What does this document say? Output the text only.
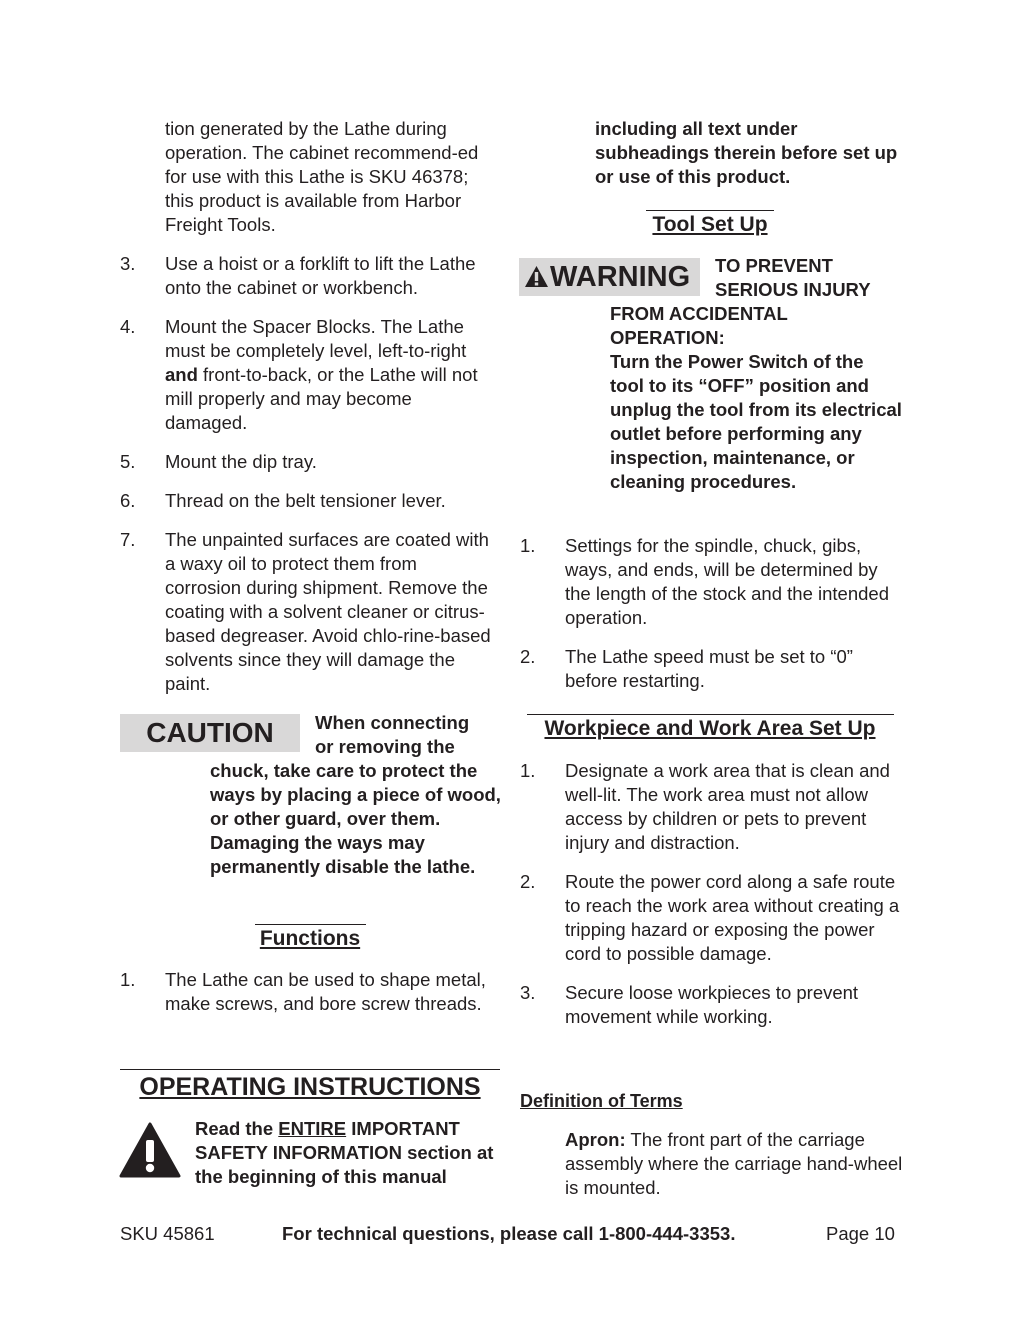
tion generated by the Lathe during operation. The cabinet recommend-ed for use with this Lathe is SKU 46378; this product is available from Harbor Freight Tools.

3. Use a hoist or a forklift to lift the Lathe onto the cabinet or workbench.

4. Mount the Spacer Blocks. The Lathe must be completely level, left-to-right and front-to-back, or the Lathe will not mill properly and may become damaged.

5. Mount the dip tray.

6. Thread on the belt tensioner lever.

7. The unpainted surfaces are coated with a waxy oil to protect them from corrosion during shipment. Remove the coating with a solvent cleaner or citrus-based degreaser. Avoid chlo-rine-based solvents since they will damage the paint.

CAUTION	When connecting

or removing the

chuck, take care to protect the ways by placing a piece of wood, or other guard, over them. Damaging the ways may permanently disable the lathe.

Functions
1. The Lathe can be used to shape metal, make screws, and bore screw threads.

OPERATING INSTRUCTIONS

Read the ENTIRE IMPORTANT SAFETY INFORMATION section at the beginning of this manual

including all text under subheadings therein before set up or use of this product.

Tool Set Up
WARNING TO PREVENT

SERIOUS INJURY

FROM ACCIDENTAL OPERATION:

Turn the Power Switch of the tool to its “OFF” position and unplug the tool from its electrical outlet before performing any inspection, maintenance, or cleaning procedures.

1. Settings for the spindle, chuck, gibs, ways, and ends, will be determined by the length of the stock and the intended operation.

2. The Lathe speed must be set to “0” before restarting.

Workpiece and Work Area Set Up
1. Designate a work area that is clean and well-lit. The work area must not allow access by children or pets to prevent injury and distraction.

2. Route the power cord along a safe route to reach the work area without creating a tripping hazard or exposing the power cord to possible damage.

3. Secure loose workpieces to prevent movement while working.

Definition of Terms

Apron: The front part of the carriage assembly where the carriage hand-wheel is mounted.

SKU 45861	For technical questions, please call 1-800-444-3353.	Page 10
